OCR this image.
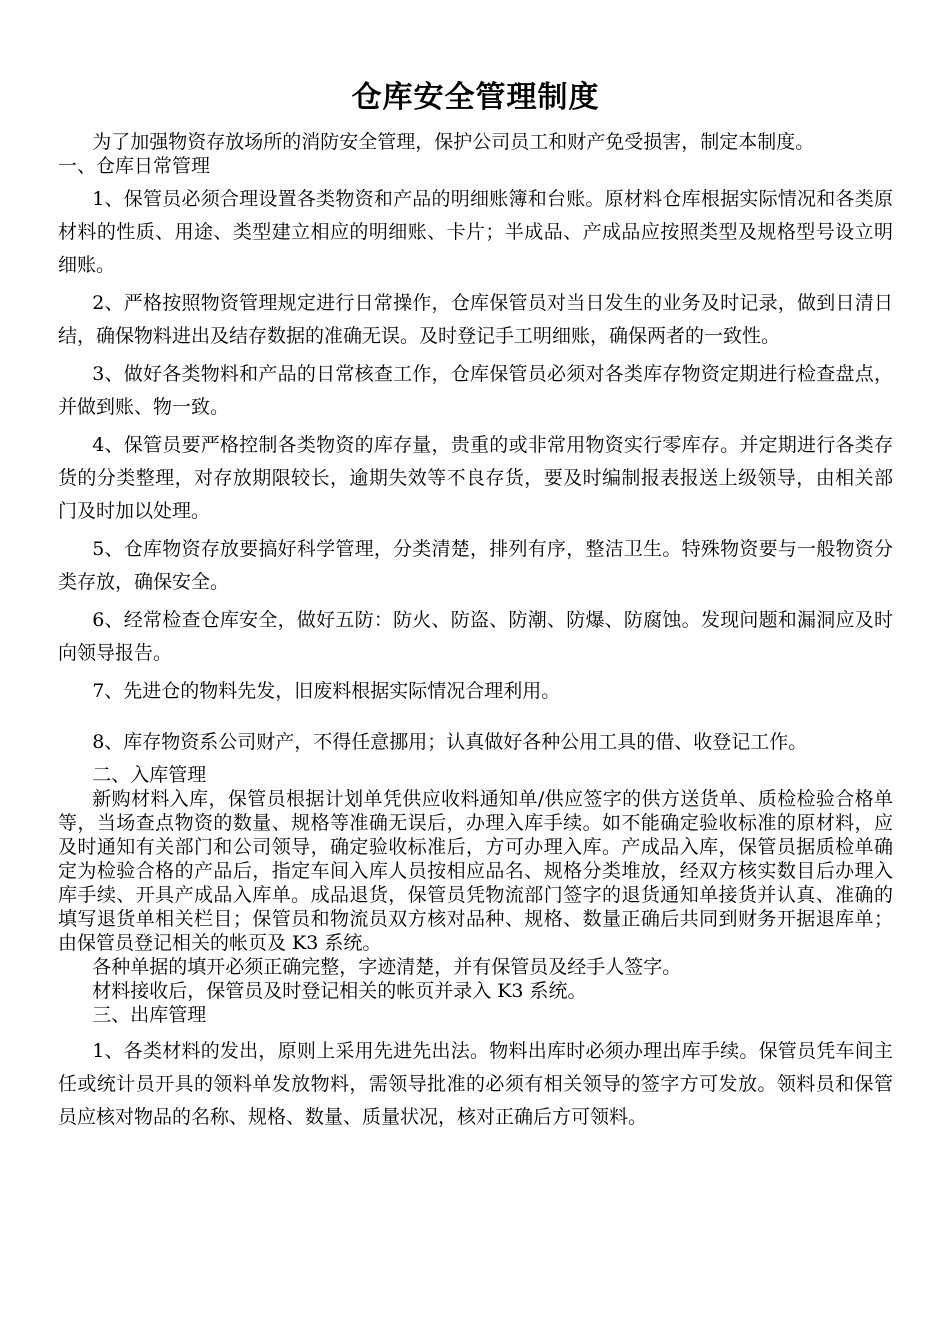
仓库安全管理制度

为了加强物资存放场所的消防安全管理，保护公司员工和财产免受损害，制定本制度。

一、仓库日常管理

1、保管员必须合理设置各类物资和产品的明细账簿和台账。原材料仓库根据实际情况和各类原材料的性质、用途、类型建立相应的明细账、卡片；半成品、产成品应按照类型及规格型号设立明细账。

2、严格按照物资管理规定进行日常操作，仓库保管员对当日发生的业务及时记录，做到日清日结，确保物料进出及结存数据的准确无误。及时登记手工明细账，确保两者的一致性。

3、做好各类物料和产品的日常核查工作，仓库保管员必须对各类库存物资定期进行检查盘点，并做到账、物一致。

4、保管员要严格控制各类物资的库存量，贵重的或非常用物资实行零库存。并定期进行各类存货的分类整理，对存放期限较长，逾期失效等不良存货，要及时编制报表报送上级领导，由相关部门及时加以处理。

5、仓库物资存放要搞好科学管理，分类清楚，排列有序，整洁卫生。特殊物资要与一般物资分类存放，确保安全。

6、经常检查仓库安全，做好五防：防火、防盗、防潮、防爆、防腐蚀。发现问题和漏洞应及时向领导报告。

7、先进仓的物料先发，旧废料根据实际情况合理利用。

8、库存物资系公司财产，不得任意挪用；认真做好各种公用工具的借、收登记工作。

二、入库管理

新购材料入库，保管员根据计划单凭供应收料通知单/供应签字的供方送货单、质检检验合格单等，当场查点物资的数量、规格等准确无误后，办理入库手续。如不能确定验收标准的原材料，应及时通知有关部门和公司领导，确定验收标准后，方可办理入库。产成品入库，保管员据质检单确定为检验合格的产品后，指定车间入库人员按相应品名、规格分类堆放，经双方核实数目后办理入库手续、开具产成品入库单。成品退货，保管员凭物流部门签字的退货通知单接货并认真、准确的填写退货单相关栏目；保管员和物流员双方核对品种、规格、数量正确后共同到财务开据退库单；由保管员登记相关的帐页及 K3 系统。

各种单据的填开必须正确完整，字迹清楚，并有保管员及经手人签字。

材料接收后，保管员及时登记相关的帐页并录入 K3 系统。

三、出库管理

1、各类材料的发出，原则上采用先进先出法。物料出库时必须办理出库手续。保管员凭车间主任或统计员开具的领料单发放物料，需领导批准的必须有相关领导的签字方可发放。领料员和保管员应核对物品的名称、规格、数量、质量状况，核对正确后方可领料。
